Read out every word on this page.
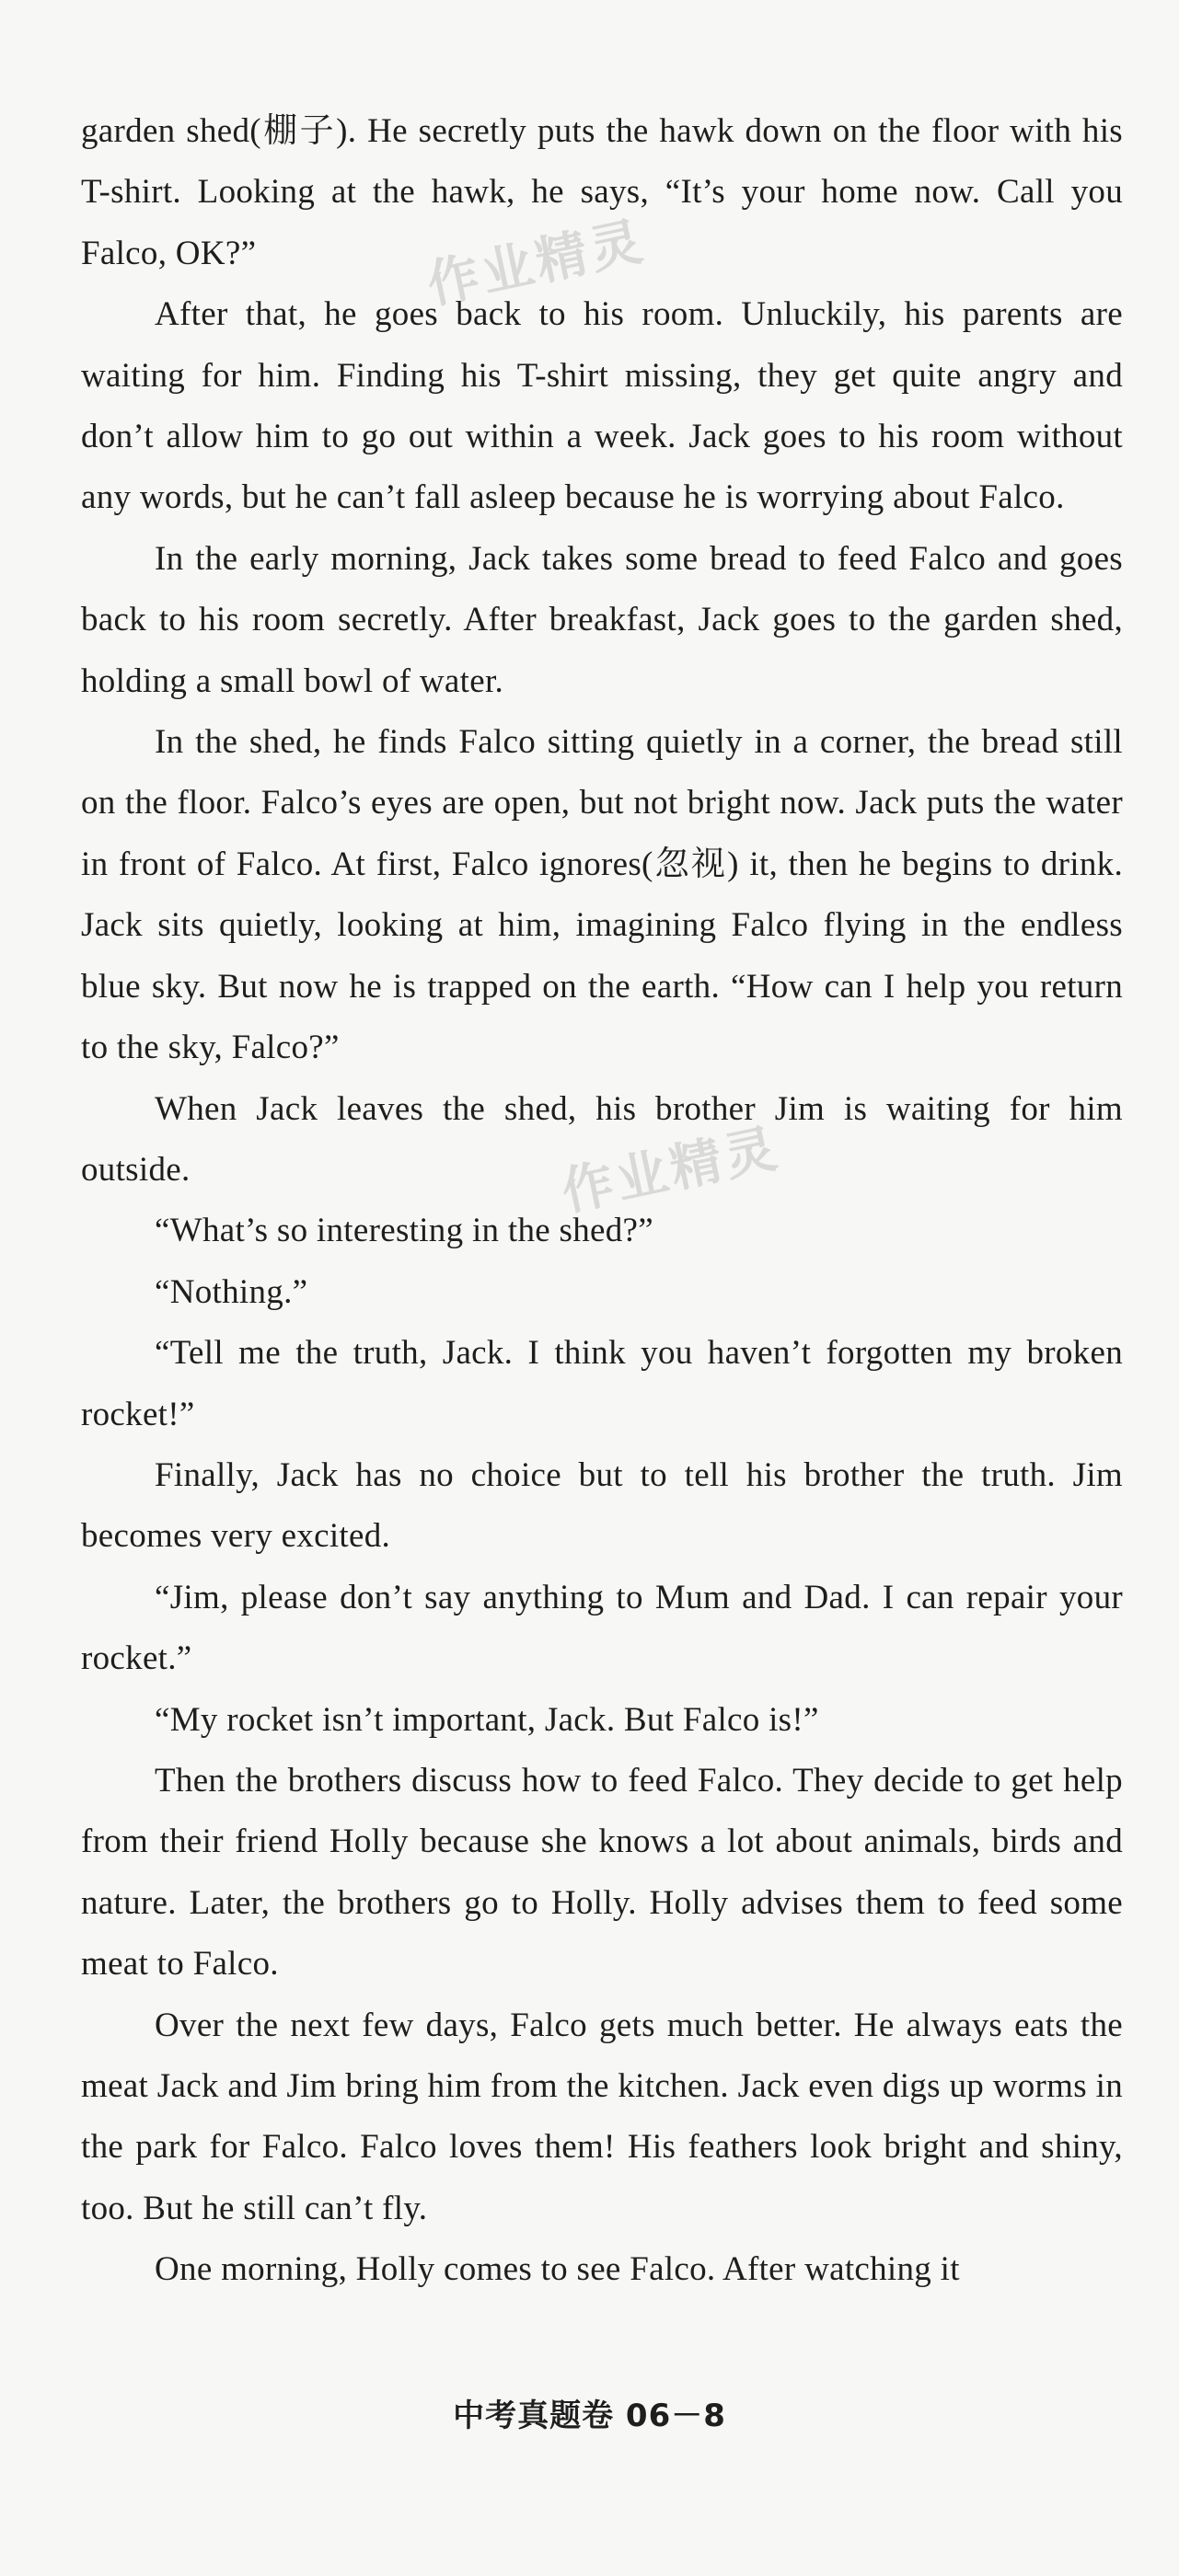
garden shed(棚子). He secretly puts the hawk down on the floor with his T-shirt. Looking at the hawk, he says, “It’s your home now. Call you Falco, OK?”

After that, he goes back to his room. Unluckily, his parents are waiting for him. Finding his T-shirt missing, they get quite angry and don’t allow him to go out within a week. Jack goes to his room without any words, but he can’t fall asleep because he is worrying about Falco.

In the early morning, Jack takes some bread to feed Falco and goes back to his room secretly. After breakfast, Jack goes to the garden shed, holding a small bowl of water.

In the shed, he finds Falco sitting quietly in a corner, the bread still on the floor. Falco’s eyes are open, but not bright now. Jack puts the water in front of Falco. At first, Falco ignores(忽视) it, then he begins to drink. Jack sits quietly, looking at him, imagining Falco flying in the endless blue sky. But now he is trapped on the earth. “How can I help you return to the sky, Falco?”

When Jack leaves the shed, his brother Jim is waiting for him outside.

“What’s so interesting in the shed?”

“Nothing.”

“Tell me the truth, Jack. I think you haven’t forgotten my broken rocket!”

Finally, Jack has no choice but to tell his brother the truth. Jim becomes very excited.

“Jim, please don’t say anything to Mum and Dad. I can repair your rocket.”

“My rocket isn’t important, Jack. But Falco is!”

Then the brothers discuss how to feed Falco. They decide to get help from their friend Holly because she knows a lot about animals, birds and nature. Later, the brothers go to Holly. Holly advises them to feed some meat to Falco.

Over the next few days, Falco gets much better. He always eats the meat Jack and Jim bring him from the kitchen. Jack even digs up worms in the park for Falco. Falco loves them! His feathers look bright and shiny, too. But he still can’t fly.

One morning, Holly comes to see Falco. After watching it

作业精灵
作业精灵
中考真题卷 06－8
